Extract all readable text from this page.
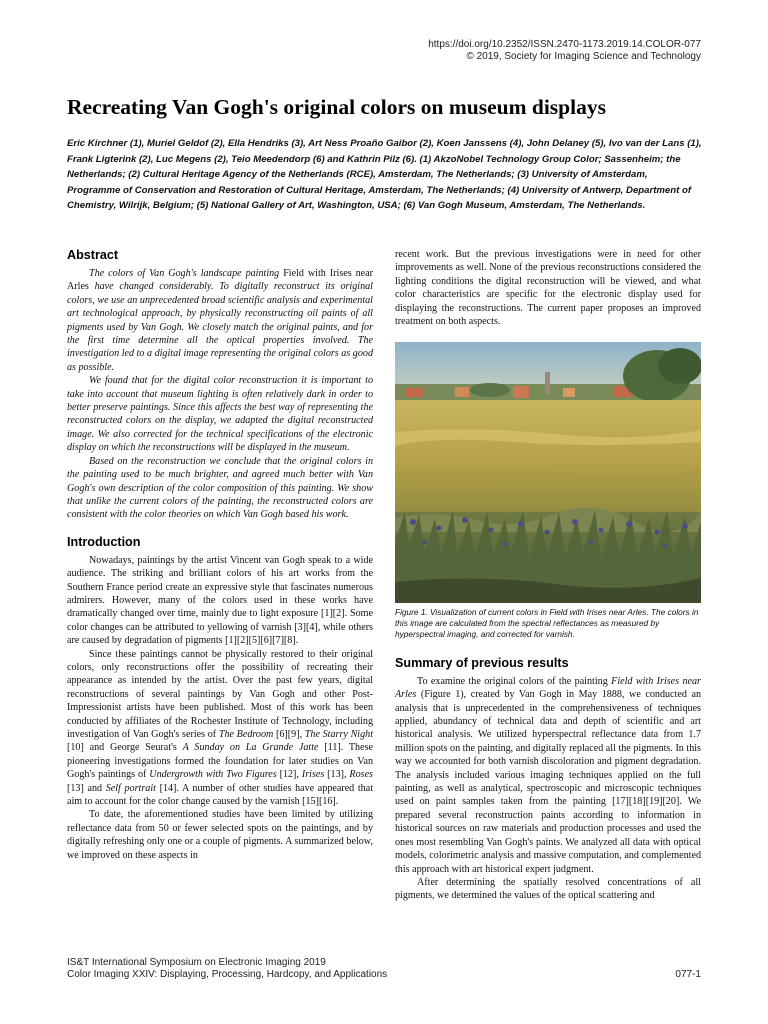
https://doi.org/10.2352/ISSN.2470-1173.2019.14.COLOR-077
© 2019, Society for Imaging Science and Technology
Recreating Van Gogh's original colors on museum displays
Eric Kirchner (1), Muriel Geldof (2), Ella Hendriks (3), Art Ness Proaño Gaibor (2), Koen Janssens (4), John Delaney (5), Ivo van der Lans (1), Frank Ligterink (2), Luc Megens (2), Teio Meedendorp (6) and Kathrin Pilz (6). (1) AkzoNobel Technology Group Color; Sassenheim; the Netherlands; (2) Cultural Heritage Agency of the Netherlands (RCE), Amsterdam, The Netherlands; (3) University of Amsterdam, Programme of Conservation and Restoration of Cultural Heritage, Amsterdam, The Netherlands; (4) University of Antwerp, Department of Chemistry, Wilrijk, Belgium; (5) National Gallery of Art, Washington, USA; (6) Van Gogh Museum, Amsterdam, The Netherlands.
Abstract

The colors of Van Gogh's landscape painting Field with Irises near Arles have changed considerably. To digitally reconstruct its original colors, we use an unprecedented broad scientific analysis and experimental art technological approach, by physically reconstructing oil paints of all pigments used by Van Gogh. We closely match the original paints, and for the first time determine all the optical properties involved. The investigation led to a digital image representing the original colors as good as possible.

We found that for the digital color reconstruction it is important to take into account that museum lighting is often relatively dark in order to better preserve paintings. Since this affects the best way of representing the reconstructed colors on the display, we adapted the digital reconstructed image. We also corrected for the technical specifications of the electronic display on which the reconstructions will be displayed in the museum.

Based on the reconstruction we conclude that the original colors in the painting used to be much brighter, and agreed much better with Van Gogh's own description of the color composition of this painting. We show that unlike the current colors of the painting, the reconstructed colors are consistent with the color theories on which Van Gogh based his work.

Introduction

Nowadays, paintings by the artist Vincent van Gogh speak to a wide audience. The striking and brilliant colors of his art works from the Southern France period create an expressive style that fascinates numerous admirers. However, many of the colors used in these works have dramatically changed over time, mainly due to light exposure [1][2]. Some color changes can be attributed to yellowing of varnish [3][4], while others are caused by degradation of pigments [1][2][5][6][7][8].

Since these paintings cannot be physically restored to their original colors, only reconstructions offer the possibility of recreating their appearance as intended by the artist. Over the past few years, digital reconstructions of several paintings by Van Gogh and other Post-Impressionist artists have been published. Most of this work has been conducted by affiliates of the Rochester Institute of Technology, including investigation of Van Gogh's series of The Bedroom [6][9], The Starry Night [10] and George Seurat's A Sunday on La Grande Jatte [11]. These pioneering investigations formed the foundation for later studies on Van Gogh's paintings of Undergrowth with Two Figures [12], Irises [13], Roses [13] and Self portrait [14]. A number of other studies have appeared that aim to account for the color change caused by the varnish [15][16].

To date, the aforementioned studies have been limited by utilizing reflectance data from 50 or fewer selected spots on the paintings, and by digitally refreshing only one or a couple of pigments. A summarized below, we improved on these aspects in

recent work. But the previous investigations were in need for other improvements as well. None of the previous reconstructions considered the lighting conditions the digital reconstruction will be viewed, and what color characteristics are specific for the electronic display used for displaying the reconstructions. The current paper proposes an improved treatment on both aspects.

Figure 1. Visualization of current colors in Field with Irises near Arles. The colors in this image are calculated from the spectral reflectances as measured by hyperspectral imaging, and corrected for varnish.

Summary of previous results

To examine the original colors of the painting Field with Irises near Arles (Figure 1), created by Van Gogh in May 1888, we conducted an analysis that is unprecedented in the comprehensiveness of techniques applied, abundancy of technical data and depth of scientific and art historical analysis. We utilized hyperspectral reflectance data from 1.7 million spots on the painting, and digitally replaced all the pigments. In this way we accounted for both varnish discoloration and pigment degradation. The analysis included various imaging techniques applied on the full painting, as well as analytical, spectroscopic and microscopic techniques used on paint samples taken from the painting [17][18][19][20]. We prepared several reconstruction paints according to information in historical sources on raw materials and production processes and used the ones most resembling Van Gogh's paints. We analyzed all data with optical models, colorimetric analysis and massive computation, and complemented this approach with art historical expert judgment.

After determining the spatially resolved concentrations of all pigments, we determined the values of the optical scattering and

IS&T International Symposium on Electronic Imaging 2019
Color Imaging XXIV: Displaying, Processing, Hardcopy, and Applications	077-1
